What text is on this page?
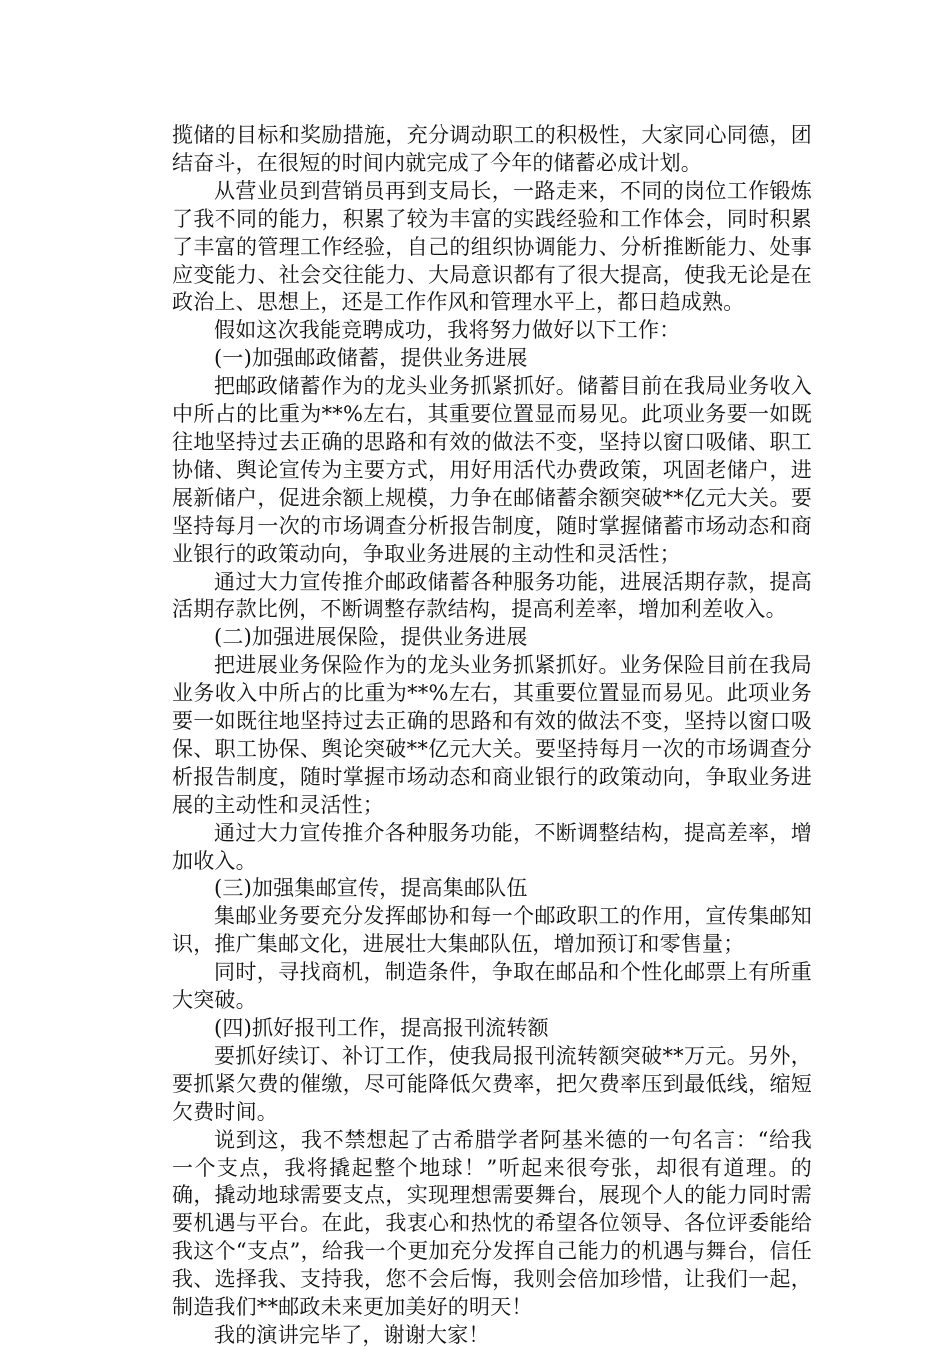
揽储的目标和奖励措施，充分调动职工的积极性，大家同心同德，团结奋斗，在很短的时间内就完成了今年的储蓄必成计划。

从营业员到营销员再到支局长，一路走来，不同的岗位工作锻炼了我不同的能力，积累了较为丰富的实践经验和工作体会，同时积累了丰富的管理工作经验，自己的组织协调能力、分析推断能力、处事应变能力、社会交往能力、大局意识都有了很大提高，使我无论是在政治上、思想上，还是工作作风和管理水平上，都日趋成熟。

假如这次我能竞聘成功，我将努力做好以下工作：

(一)加强邮政储蓄，提供业务进展

把邮政储蓄作为的龙头业务抓紧抓好。储蓄目前在我局业务收入中所占的比重为**%左右，其重要位置显而易见。此项业务要一如既往地坚持过去正确的思路和有效的做法不变，坚持以窗口吸储、职工协储、舆论宣传为主要方式，用好用活代办费政策，巩固老储户，进展新储户，促进余额上规模，力争在邮储蓄余额突破**亿元大关。要坚持每月一次的市场调查分析报告制度，随时掌握储蓄市场动态和商业银行的政策动向，争取业务进展的主动性和灵活性；

通过大力宣传推介邮政储蓄各种服务功能，进展活期存款，提高活期存款比例，不断调整存款结构，提高利差率，增加利差收入。

(二)加强进展保险，提供业务进展

把进展业务保险作为的龙头业务抓紧抓好。业务保险目前在我局业务收入中所占的比重为**%左右，其重要位置显而易见。此项业务要一如既往地坚持过去正确的思路和有效的做法不变，坚持以窗口吸保、职工协保、舆论突破**亿元大关。要坚持每月一次的市场调查分析报告制度，随时掌握市场动态和商业银行的政策动向，争取业务进展的主动性和灵活性；

通过大力宣传推介各种服务功能，不断调整结构，提高差率，增加收入。

(三)加强集邮宣传，提高集邮队伍

集邮业务要充分发挥邮协和每一个邮政职工的作用，宣传集邮知识，推广集邮文化，进展壮大集邮队伍，增加预订和零售量；

同时，寻找商机，制造条件，争取在邮品和个性化邮票上有所重大突破。

(四)抓好报刊工作，提高报刊流转额

要抓好续订、补订工作，使我局报刊流转额突破**万元。另外，要抓紧欠费的催缴，尽可能降低欠费率，把欠费率压到最低线，缩短欠费时间。

说到这，我不禁想起了古希腊学者阿基米德的一句名言：“给我一个支点，我将撬起整个地球！”听起来很夸张，却很有道理。的确，撬动地球需要支点，实现理想需要舞台，展现个人的能力同时需要机遇与平台。在此，我衷心和热忱的希望各位领导、各位评委能给我这个“支点”，给我一个更加充分发挥自己能力的机遇与舞台，信任我、选择我、支持我，您不会后悔，我则会倍加珍惜，让我们一起，制造我们**邮政未来更加美好的明天！

我的演讲完毕了，谢谢大家！
